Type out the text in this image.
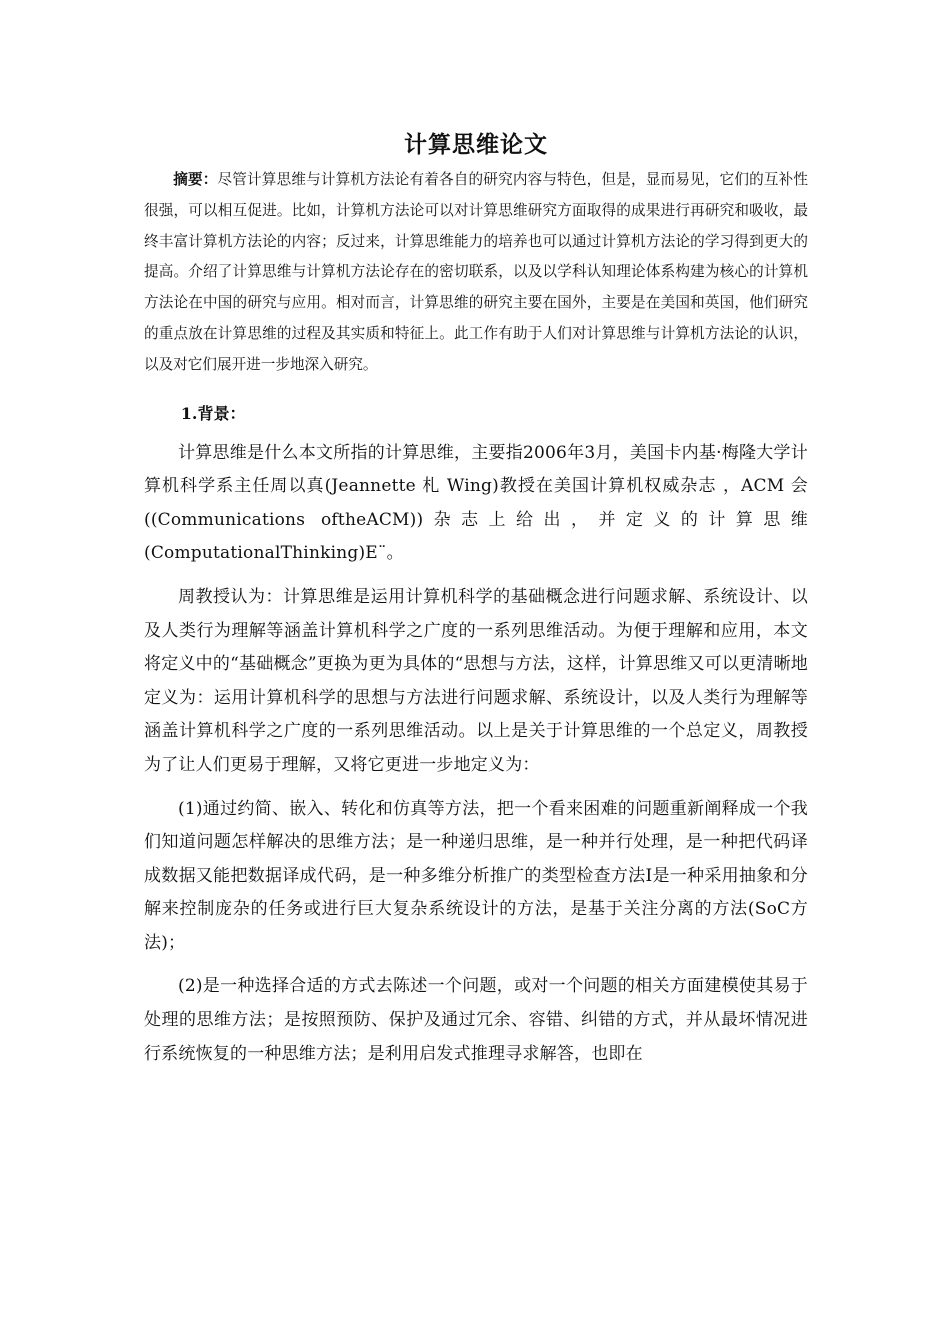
计算思维论文

摘要：尽管计算思维与计算机方法论有着各自的研究内容与特色，但是，显而易见，它们的互补性很强，可以相互促进。比如，计算机方法论可以对计算思维研究方面取得的成果进行再研究和吸收，最终丰富计算机方法论的内容；反过来，计算思维能力的培养也可以通过计算机方法论的学习得到更大的提高。介绍了计算思维与计算机方法论存在的密切联系，以及以学科认知理论体系构建为核心的计算机方法论在中国的研究与应用。相对而言，计算思维的研究主要在国外，主要是在美国和英国，他们研究的重点放在计算思维的过程及其实质和特征上。此工作有助于人们对计算思维与计算机方法论的认识，以及对它们展开进一步地深入研究。

1.背景：

计算思维是什么本文所指的计算思维，主要指2006年3月，美国卡内基·梅隆大学计算机科学系主任周以真(Jeannette 札 Wing)教授在美国计算机权威杂志 ，ACM 会((Communications oftheACM))杂志上给出，并定义的计算思维(ComputationalThinking)E¨。

周教授认为：计算思维是运用计算机科学的基础概念进行问题求解、系统设计、以及人类行为理解等涵盖计算机科学之广度的一系列思维活动。为便于理解和应用，本文将定义中的“基础概念”更换为更为具体的“思想与方法，这样，计算思维又可以更清晰地定义为：运用计算机科学的思想与方法进行问题求解、系统设计，以及人类行为理解等涵盖计算机科学之广度的一系列思维活动。以上是关于计算思维的一个总定义，周教授为了让人们更易于理解，又将它更进一步地定义为：

(1)通过约简、嵌入、转化和仿真等方法，把一个看来困难的问题重新阐释成一个我们知道问题怎样解决的思维方法；是一种递归思维，是一种并行处理，是一种把代码译成数据又能把数据译成代码，是一种多维分析推广的类型检查方法I是一种采用抽象和分解来控制庞杂的任务或进行巨大复杂系统设计的方法，是基于关注分离的方法(SoC方法)；

(2)是一种选择合适的方式去陈述一个问题，或对一个问题的相关方面建模使其易于处理的思维方法；是按照预防、保护及通过冗余、容错、纠错的方式，并从最坏情况进行系统恢复的一种思维方法；是利用启发式推理寻求解答，也即在
